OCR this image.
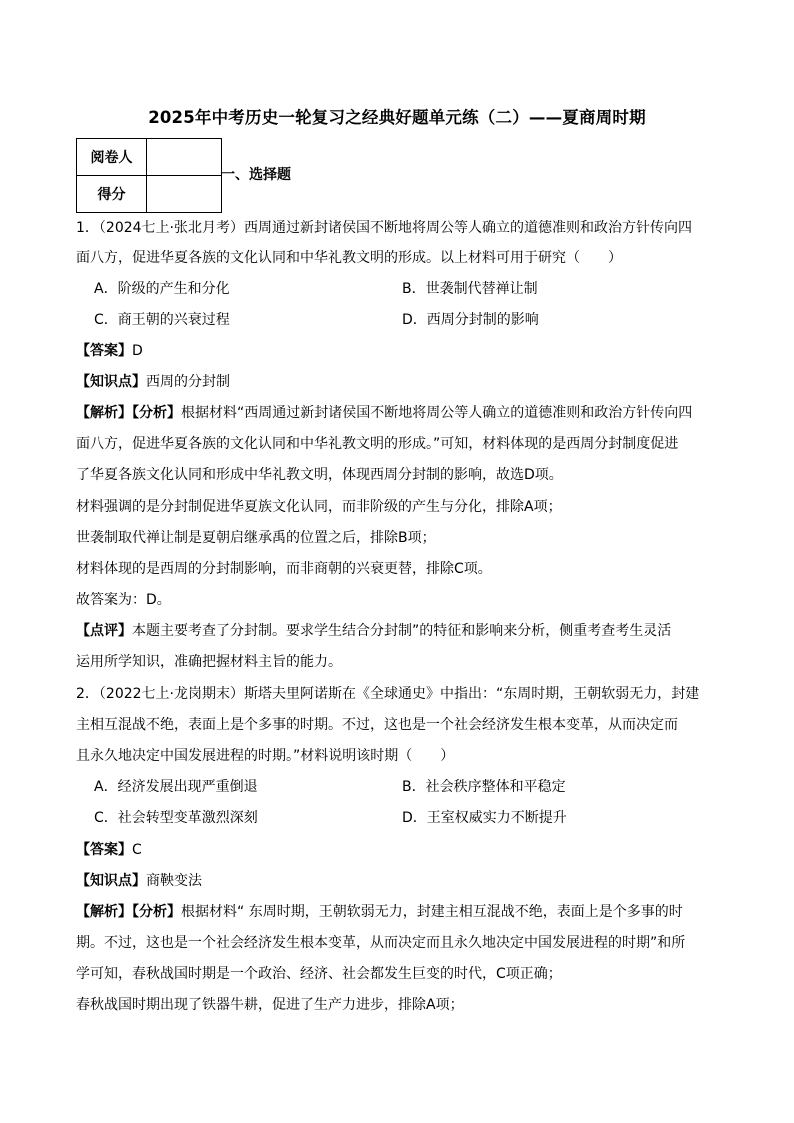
2025年中考历史一轮复习之经典好题单元练（二）——夏商周时期
阅卷人	
得分	
一、选择题
1．（2024七上·张北月考）西周通过新封诸侯国不断地将周公等人确立的道德准则和政治方针传向四
面八方，促进华夏各族的文化认同和中华礼教文明的形成。以上材料可用于研究（　　）
A．阶级的产生和分化	B．世袭制代替禅让制
C．商王朝的兴衰过程	D．西周分封制的影响
【答案】D
【知识点】西周的分封制
【解析】【分析】根据材料“西周通过新封诸侯国不断地将周公等人确立的道德准则和政治方针传向四
面八方，促进华夏各族的文化认同和中华礼教文明的形成。”可知，材料体现的是西周分封制度促进
了华夏各族文化认同和形成中华礼教文明，体现西周分封制的影响，故选D项。
材料强调的是分封制促进华夏族文化认同，而非阶级的产生与分化，排除A项；
世袭制取代禅让制是夏朝启继承禹的位置之后，排除B项；
材料体现的是西周的分封制影响，而非商朝的兴衰更替，排除C项。
故答案为：D。
【点评】本题主要考查了分封制。要求学生结合分封制”的特征和影响来分析，侧重考查考生灵活
运用所学知识，准确把握材料主旨的能力。
2．（2022七上·龙岗期末）斯塔夫里阿诺斯在《全球通史》中指出：“东周时期，王朝软弱无力，封建
主相互混战不绝，表面上是个多事的时期。不过，这也是一个社会经济发生根本变革，从而决定而
且永久地决定中国发展进程的时期。”材料说明该时期（　　）
A．经济发展出现严重倒退	B．社会秩序整体和平稳定
C．社会转型变革激烈深刻	D．王室权威实力不断提升
【答案】C
【知识点】商鞅变法
【解析】【分析】根据材料“ 东周时期，王朝软弱无力，封建主相互混战不绝，表面上是个多事的时
期。不过，这也是一个社会经济发生根本变革，从而决定而且永久地决定中国发展进程的时期”和所
学可知，春秋战国时期是一个政治、经济、社会都发生巨变的时代，C项正确；
春秋战国时期出现了铁器牛耕，促进了生产力进步，排除A项；
